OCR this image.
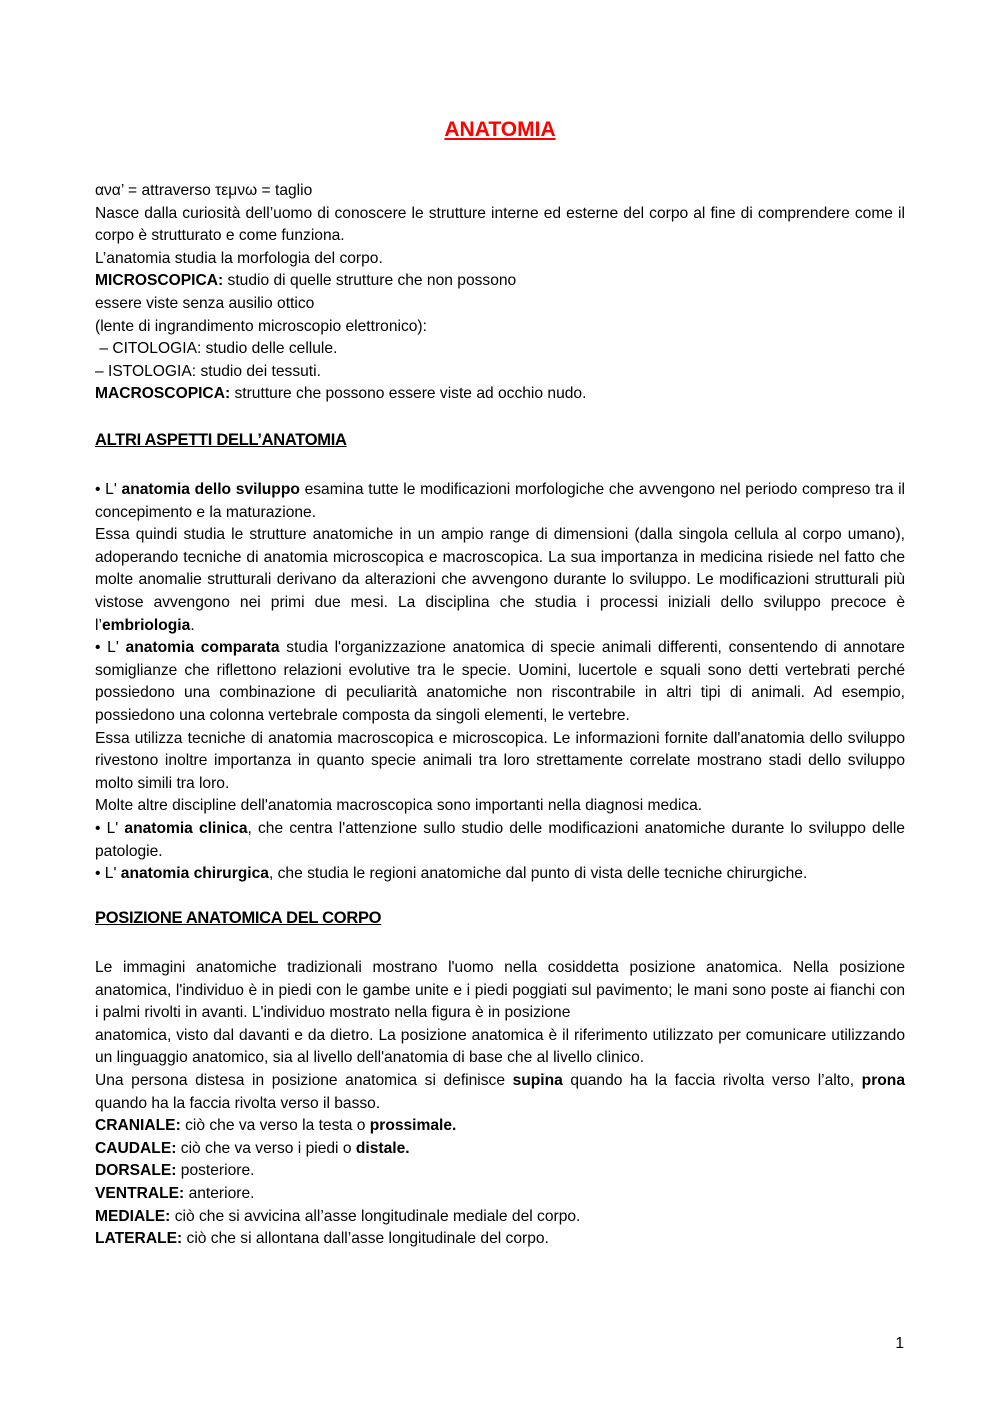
ANATOMIA
ανα’ = attraverso τεμνω = taglio
Nasce dalla curiosità dell’uomo di conoscere le strutture interne ed esterne del corpo al fine di comprendere come il corpo è strutturato e come funziona.
L’anatomia studia la morfologia del corpo.
MICROSCOPICA: studio di quelle strutture che non possono
essere viste senza ausilio ottico
(lente di ingrandimento microscopio elettronico):
– CITOLOGIA: studio delle cellule.
– ISTOLOGIA: studio dei tessuti.
MACROSCOPICA: strutture che possono essere viste ad occhio nudo.
ALTRI ASPETTI DELL’ANATOMIA
• L' anatomia dello sviluppo esamina tutte le modificazioni morfologiche che avvengono nel periodo compreso tra il concepimento e la maturazione.
Essa quindi studia le strutture anatomiche in un ampio range di dimensioni (dalla singola cellula al corpo umano), adoperando tecniche di anatomia microscopica e macroscopica. La sua importanza in medicina risiede nel fatto che molte anomalie strutturali derivano da alterazioni che avvengono durante lo sviluppo. Le modificazioni strutturali più vistose avvengono nei primi due mesi. La disciplina che studia i processi iniziali dello sviluppo precoce è l’embriologia.
• L' anatomia comparata studia l'organizzazione anatomica di specie animali differenti, consentendo di annotare somiglianze che riflettono relazioni evolutive tra le specie. Uomini, lucertole e squali sono detti vertebrati perché possiedono una combinazione di peculiarità anatomiche non riscontrabile in altri tipi di animali. Ad esempio, possiedono una colonna vertebrale composta da singoli elementi, le vertebre.
Essa utilizza tecniche di anatomia macroscopica e microscopica. Le informazioni fornite dall'anatomia dello sviluppo rivestono inoltre importanza in quanto specie animali tra loro strettamente correlate mostrano stadi dello sviluppo molto simili tra loro.
Molte altre discipline dell'anatomia macroscopica sono importanti nella diagnosi medica.
• L' anatomia clinica, che centra l'attenzione sullo studio delle modificazioni anatomiche durante lo sviluppo delle patologie.
• L' anatomia chirurgica, che studia le regioni anatomiche dal punto di vista delle tecniche chirurgiche.
POSIZIONE ANATOMICA DEL CORPO
Le immagini anatomiche tradizionali mostrano l'uomo nella cosiddetta posizione anatomica. Nella posizione anatomica, l'individuo è in piedi con le gambe unite e i piedi poggiati sul pavimento; le mani sono poste ai fianchi con i palmi rivolti in avanti. L'individuo mostrato nella figura è in posizione
anatomica, visto dal davanti e da dietro. La posizione anatomica è il riferimento utilizzato per comunicare utilizzando un linguaggio anatomico, sia al livello dell'anatomia di base che al livello clinico.
Una persona distesa in posizione anatomica si definisce supina quando ha la faccia rivolta verso l’alto, prona quando ha la faccia rivolta verso il basso.
CRANIALE: ciò che va verso la testa o prossimale.
CAUDALE: ciò che va verso i piedi o distale.
DORSALE: posteriore.
VENTRALE: anteriore.
MEDIALE: ciò che si avvicina all’asse longitudinale mediale del corpo.
LATERALE: ciò che si allontana dall’asse longitudinale del corpo.
1
